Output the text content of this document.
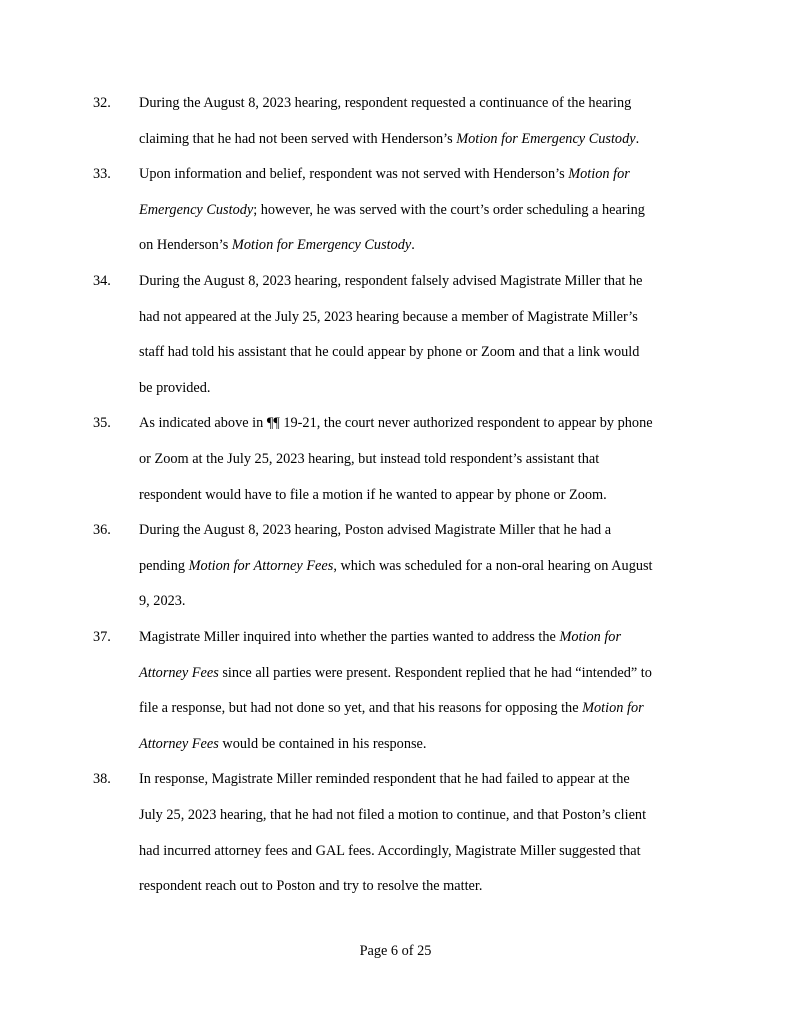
32. During the August 8, 2023 hearing, respondent requested a continuance of the hearing
claiming that he had not been served with Henderson’s Motion for Emergency Custody.
33. Upon information and belief, respondent was not served with Henderson’s Motion for
Emergency Custody; however, he was served with the court’s order scheduling a hearing
on Henderson’s Motion for Emergency Custody.
34. During the August 8, 2023 hearing, respondent falsely advised Magistrate Miller that he
had not appeared at the July 25, 2023 hearing because a member of Magistrate Miller’s
staff had told his assistant that he could appear by phone or Zoom and that a link would
be provided.
35. As indicated above in ¶¶ 19-21, the court never authorized respondent to appear by phone
or Zoom at the July 25, 2023 hearing, but instead told respondent’s assistant that
respondent would have to file a motion if he wanted to appear by phone or Zoom.
36. During the August 8, 2023 hearing, Poston advised Magistrate Miller that he had a
pending Motion for Attorney Fees, which was scheduled for a non-oral hearing on August
9, 2023.
37. Magistrate Miller inquired into whether the parties wanted to address the Motion for
Attorney Fees since all parties were present. Respondent replied that he had “intended” to
file a response, but had not done so yet, and that his reasons for opposing the Motion for
Attorney Fees would be contained in his response.
38. In response, Magistrate Miller reminded respondent that he had failed to appear at the
July 25, 2023 hearing, that he had not filed a motion to continue, and that Poston’s client
had incurred attorney fees and GAL fees. Accordingly, Magistrate Miller suggested that
respondent reach out to Poston and try to resolve the matter.
Page 6 of 25
